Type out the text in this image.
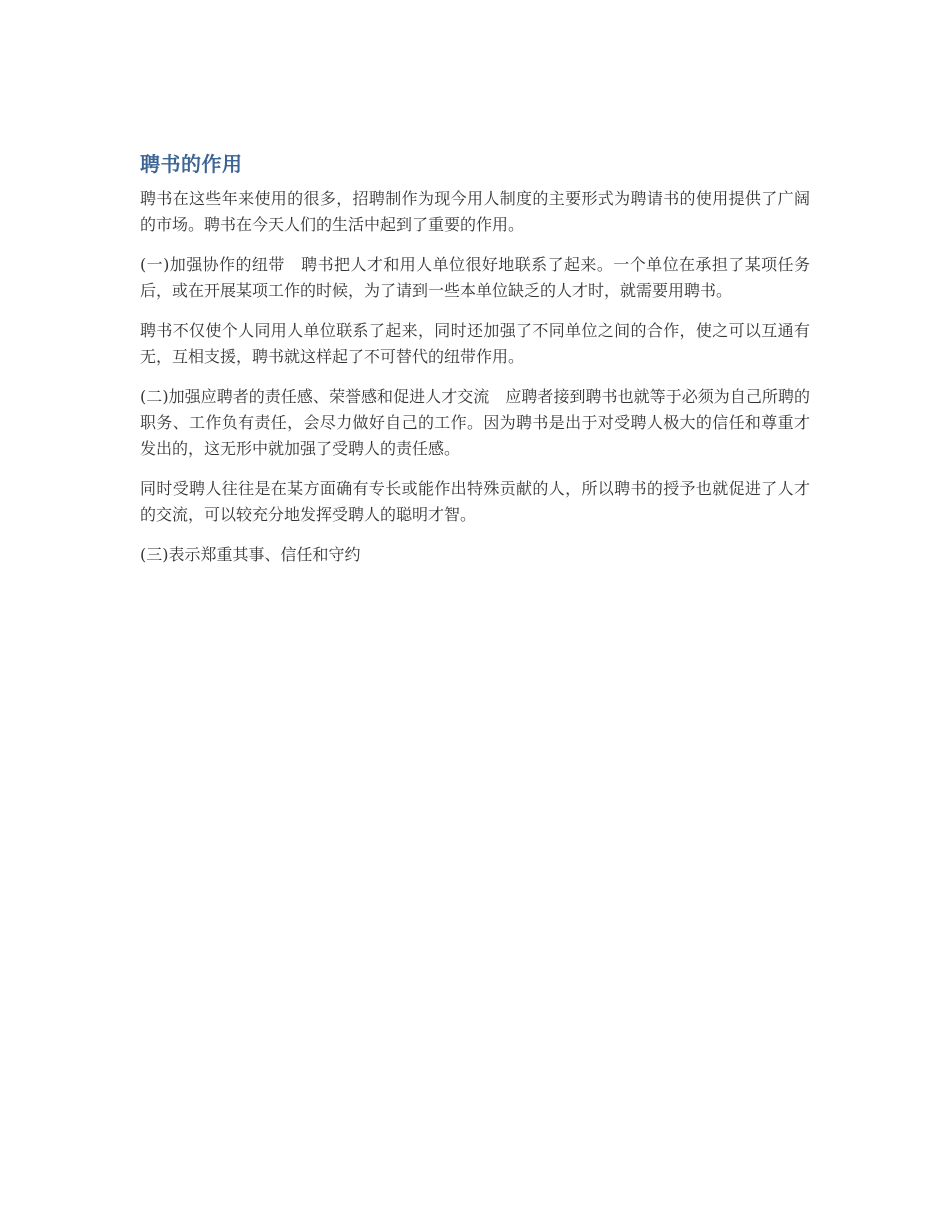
聘书的作用

聘书在这些年来使用的很多，招聘制作为现今用人制度的主要形式为聘请书的使用提供了广阔的市场。聘书在今天人们的生活中起到了重要的作用。

(一)加强协作的纽带　聘书把人才和用人单位很好地联系了起来。一个单位在承担了某项任务后，或在开展某项工作的时候，为了请到一些本单位缺乏的人才时，就需要用聘书。

聘书不仅使个人同用人单位联系了起来，同时还加强了不同单位之间的合作，使之可以互通有无，互相支援，聘书就这样起了不可替代的纽带作用。

(二)加强应聘者的责任感、荣誉感和促进人才交流　应聘者接到聘书也就等于必须为自己所聘的职务、工作负有责任，会尽力做好自己的工作。因为聘书是出于对受聘人极大的信任和尊重才发出的，这无形中就加强了受聘人的责任感。

同时受聘人往往是在某方面确有专长或能作出特殊贡献的人，所以聘书的授予也就促进了人才的交流，可以较充分地发挥受聘人的聪明才智。

(三)表示郑重其事、信任和守约
